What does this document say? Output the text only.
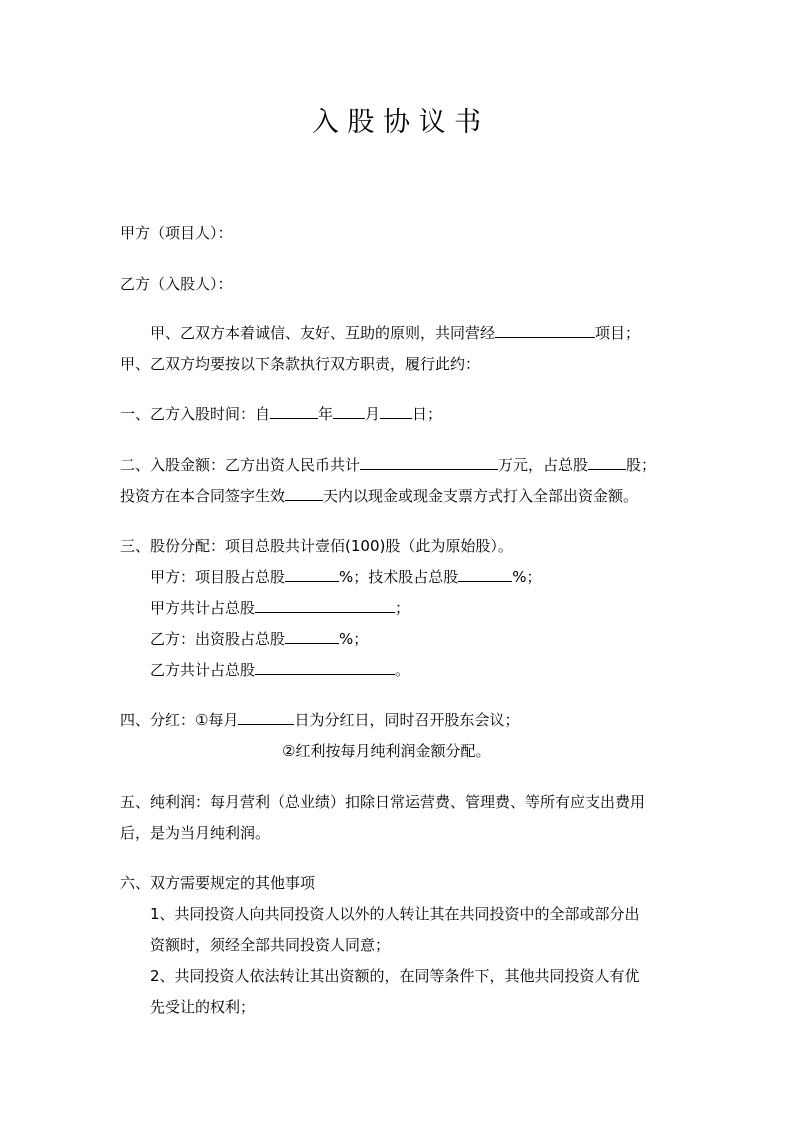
入 股 协 议 书

甲方（项目人）：

乙方（入股人）：

甲、乙双方本着诚信、友好、互助的原则，共同营经	项目；

甲、乙双方均要按以下条款执行双方职责，履行此约：

一、乙方入股时间：自	年 月 日；

二、入股金额：乙方出资人民币共计	万元，占总股	股；

投资方在本合同签字生效	天内以现金或现金支票方式打入全部出资金额。

三、股份分配：项目总股共计壹佰(100)股（此为原始股）。

甲方：项目股占总股	%；技术股占总股	%；

甲方共计占总股	；

乙方：出资股占总股	%；

乙方共计占总股	。

四、分红：①每月	日为分红日，同时召开股东会议；

②红利按每月纯利润金额分配。

五、纯利润：每月营利（总业绩）扣除日常运营费、管理费、等所有应支出费用

后，是为当月纯利润。

六、双方需要规定的其他事项

1、共同投资人向共同投资人以外的人转让其在共同投资中的全部或部分出

资额时，须经全部共同投资人同意；

2、共同投资人依法转让其出资额的，在同等条件下，其他共同投资人有优

先受让的权利；
